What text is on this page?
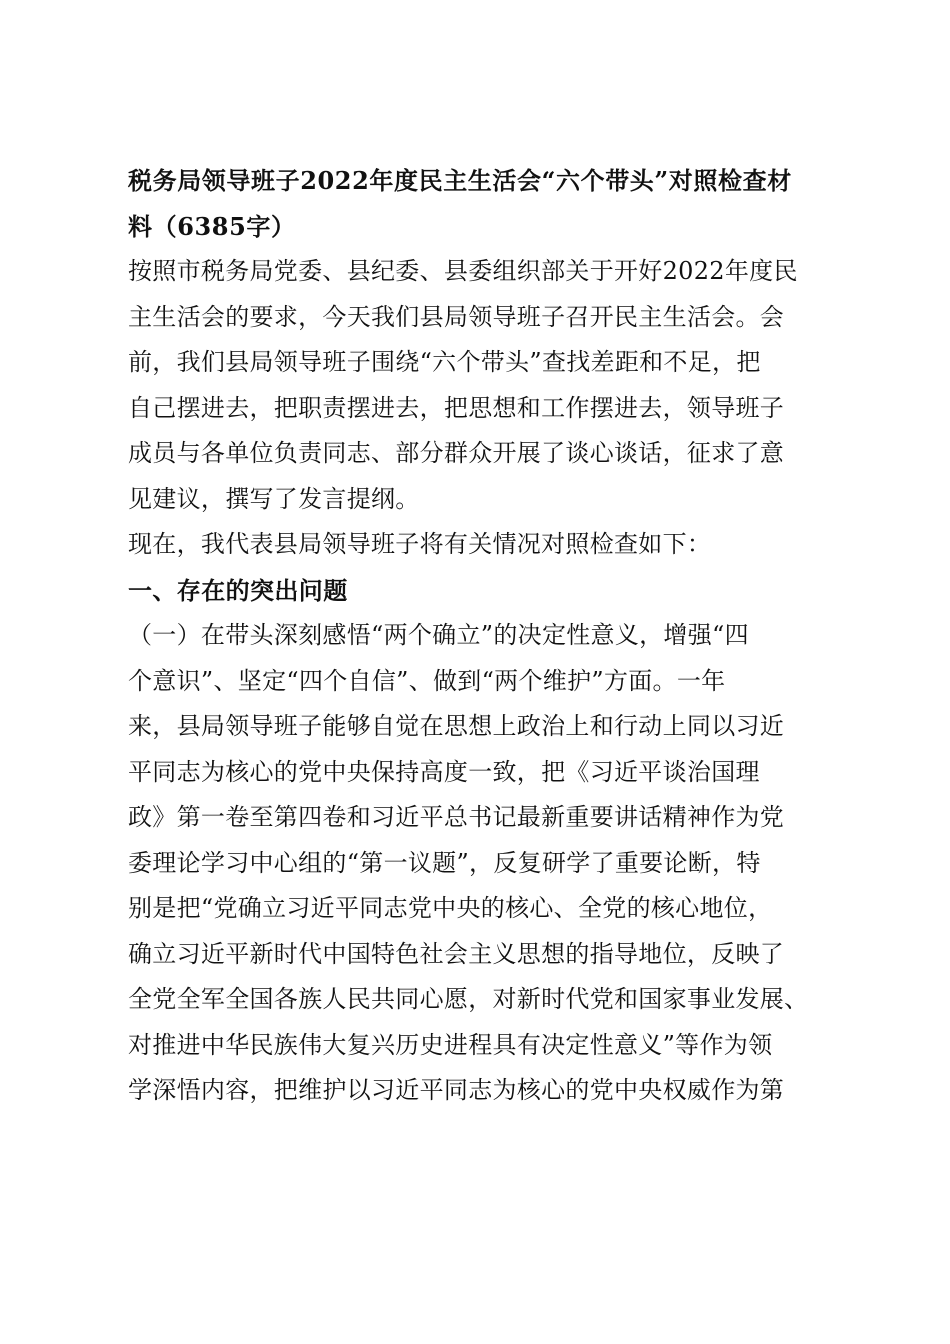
税务局领导班子2022年度民主生活会“六个带头”对照检查材
料（6385字）
按照市税务局党委、县纪委、县委组织部关于开好2022年度民
主生活会的要求，今天我们县局领导班子召开民主生活会。会
前，我们县局领导班子围绕“六个带头”查找差距和不足，把
自己摆进去，把职责摆进去，把思想和工作摆进去，领导班子
成员与各单位负责同志、部分群众开展了谈心谈话，征求了意
见建议，撰写了发言提纲。
现在，我代表县局领导班子将有关情况对照检查如下：
一、存在的突出问题
（一）在带头深刻感悟“两个确立”的决定性意义，增强“四
个意识”、坚定“四个自信”、做到“两个维护”方面。一年
来，县局领导班子能够自觉在思想上政治上和行动上同以习近
平同志为核心的党中央保持高度一致，把《习近平谈治国理
政》第一卷至第四卷和习近平总书记最新重要讲话精神作为党
委理论学习中心组的“第一议题”，反复研学了重要论断，特
别是把“党确立习近平同志党中央的核心、全党的核心地位，
确立习近平新时代中国特色社会主义思想的指导地位，反映了
全党全军全国各族人民共同心愿，对新时代党和国家事业发展、
对推进中华民族伟大复兴历史进程具有决定性意义”等作为领
学深悟内容，把维护以习近平同志为核心的党中央权威作为第
